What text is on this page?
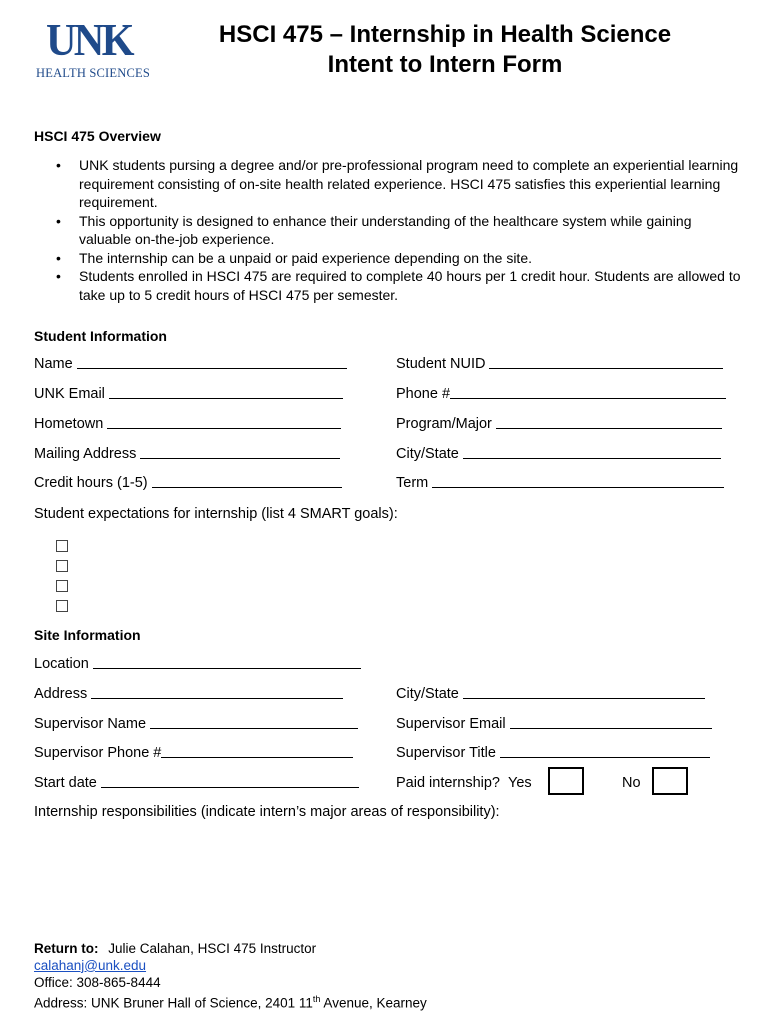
UNK
HEALTH SCIENCES
HSCI 475 – Internship in Health Science
Intent to Intern Form
HSCI 475 Overview
• UNK students pursing a degree and/or pre-professional program need to complete an experiential learning requirement consisting of on-site health related experience. HSCI 475 satisfies this experiential learning requirement.
• This opportunity is designed to enhance their understanding of the healthcare system while gaining valuable on-the-job experience.
• The internship can be a unpaid or paid experience depending on the site.
• Students enrolled in HSCI 475 are required to complete 40 hours per 1 credit hour. Students are allowed to take up to 5 credit hours of HSCI 475 per semester.
Student Information
Name	Student NUID
UNK Email	Phone #
Hometown	Program/Major
Mailing Address	City/State
Credit hours (1-5)	Term
Student expectations for internship (list 4 SMART goals):
Site Information
Location
Address	City/State
Supervisor Name	Supervisor Email
Supervisor Phone #	Supervisor Title
Start date	Paid internship? Yes	No
Internship responsibilities (indicate intern’s major areas of responsibility):
Return to: Julie Calahan, HSCI 475 Instructor
calahanj@unk.edu
Office: 308-865-8444
Address: UNK Bruner Hall of Science, 2401 11th Avenue, Kearney
